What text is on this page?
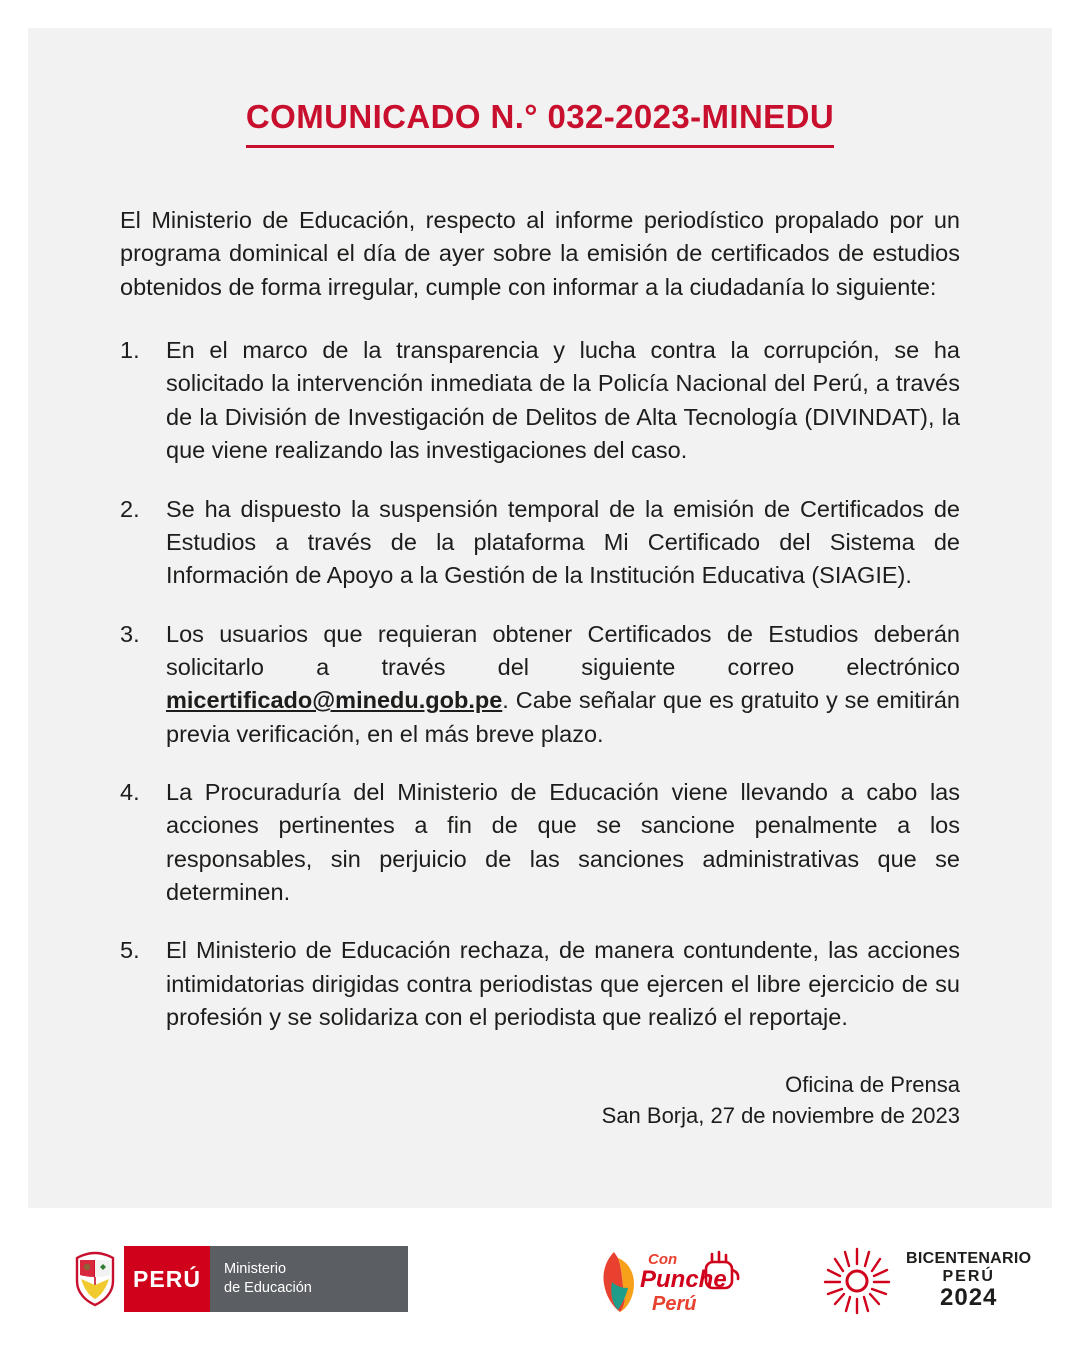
COMUNICADO N.° 032-2023-MINEDU

El Ministerio de Educación, respecto al informe periodístico propalado por un programa dominical el día de ayer sobre la emisión de certificados de estudios obtenidos de forma irregular, cumple con informar a la ciudadanía lo siguiente:

1.	En el marco de la transparencia y lucha contra la corrupción, se ha solicitado la intervención inmediata de la Policía Nacional del Perú, a través de la División de Investigación de Delitos de Alta Tecnología (DIVINDAT), la que viene realizando las investigaciones del caso.
2.	Se ha dispuesto la suspensión temporal de la emisión de Certificados de Estudios a través de la plataforma Mi Certificado del Sistema de Información de Apoyo a la Gestión de la Institución Educativa (SIAGIE).
3.	Los usuarios que requieran obtener Certificados de Estudios deberán solicitarlo a través del siguiente correo electrónico micertificado@minedu.gob.pe. Cabe señalar que es gratuito y se emitirán previa verificación, en el más breve plazo.
4.	La Procuraduría del Ministerio de Educación viene llevando a cabo las acciones pertinentes a fin de que se sancione penalmente a los responsables, sin perjuicio de las sanciones administrativas que se determinen.
5.	El Ministerio de Educación rechaza, de manera contundente, las acciones intimidatorias dirigidas contra periodistas que ejercen el libre ejercicio de su profesión y se solidariza con el periodista que realizó el reportaje.
Oficina de Prensa
San Borja, 27 de noviembre de 2023
PERÚ Ministerio
de Educación
Con
Punche
Perú
BICENTENARIO
PERÚ
2024
